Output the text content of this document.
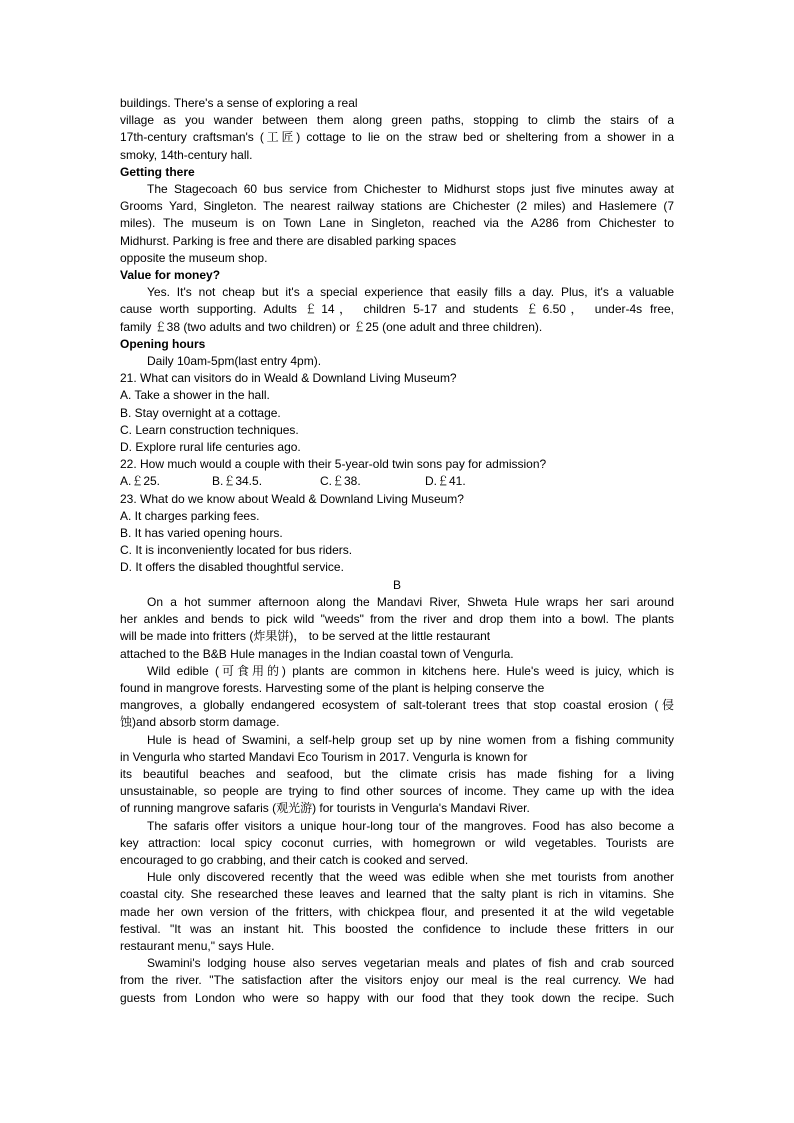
buildings. There's a sense of exploring a real
village as you wander between them along green paths, stopping to climb the stairs of a
17th-century craftsman's (工匠) cottage to lie on the straw bed or sheltering from a shower in a
smoky, 14th-century hall.
Getting there
The Stagecoach 60 bus service from Chichester to Midhurst stops just five minutes away at
Grooms Yard, Singleton. The nearest railway stations are Chichester (2 miles) and Haslemere (7
miles). The museum is on Town Lane in Singleton, reached via the A286 from Chichester to
Midhurst. Parking is free and there are disabled parking spaces
opposite the museum shop.
Value for money?
Yes. It's not cheap but it's a special experience that easily fills a day. Plus, it's a valuable
cause worth supporting. Adults ￡14， children 5-17 and students ￡6.50， under-4s free,
family ￡38 (two adults and two children) or ￡25 (one adult and three children).
Opening hours
Daily 10am-5pm(last entry 4pm).
21. What can visitors do in Weald & Downland Living Museum?
A. Take a shower in the hall.
B. Stay overnight at a cottage.
C. Learn construction techniques.
D. Explore rural life centuries ago.
22. How much would a couple with their 5-year-old twin sons pay for admission?
A.￡25.	B.￡34.5.	C.￡38.	D.￡41.
23. What do we know about Weald & Downland Living Museum?
A. It charges parking fees.
B. It has varied opening hours.
C. It is inconveniently located for bus riders.
D. It offers the disabled thoughtful service.
B
On a hot summer afternoon along the Mandavi River, Shweta Hule wraps her sari around
her ankles and bends to pick wild "weeds" from the river and drop them into a bowl. The plants
will be made into fritters (炸果饼)， to be served at the little restaurant
attached to the B&B Hule manages in the Indian coastal town of Vengurla.
Wild edible (可食用的) plants are common in kitchens here. Hule's weed is juicy, which is
found in mangrove forests. Harvesting some of the plant is helping conserve the
mangroves, a globally endangered ecosystem of salt-tolerant trees that stop coastal erosion (侵
蚀)and absorb storm damage.
Hule is head of Swamini, a self-help group set up by nine women from a fishing community
in Vengurla who started Mandavi Eco Tourism in 2017. Vengurla is known for
its beautiful beaches and seafood, but the climate crisis has made fishing for a living
unsustainable, so people are trying to find other sources of income. They came up with the idea
of running mangrove safaris (观光游) for tourists in Vengurla's Mandavi River.
The safaris offer visitors a unique hour-long tour of the mangroves. Food has also become a
key attraction: local spicy coconut curries, with homegrown or wild vegetables. Tourists are
encouraged to go crabbing, and their catch is cooked and served.
Hule only discovered recently that the weed was edible when she met tourists from another
coastal city. She researched these leaves and learned that the salty plant is rich in vitamins. She
made her own version of the fritters, with chickpea flour, and presented it at the wild vegetable
festival. "It was an instant hit. This boosted the confidence to include these fritters in our
restaurant menu," says Hule.
Swamini's lodging house also serves vegetarian meals and plates of fish and crab sourced
from the river. "The satisfaction after the visitors enjoy our meal is the real currency. We had
guests from London who were so happy with our food that they took down the recipe. Such
